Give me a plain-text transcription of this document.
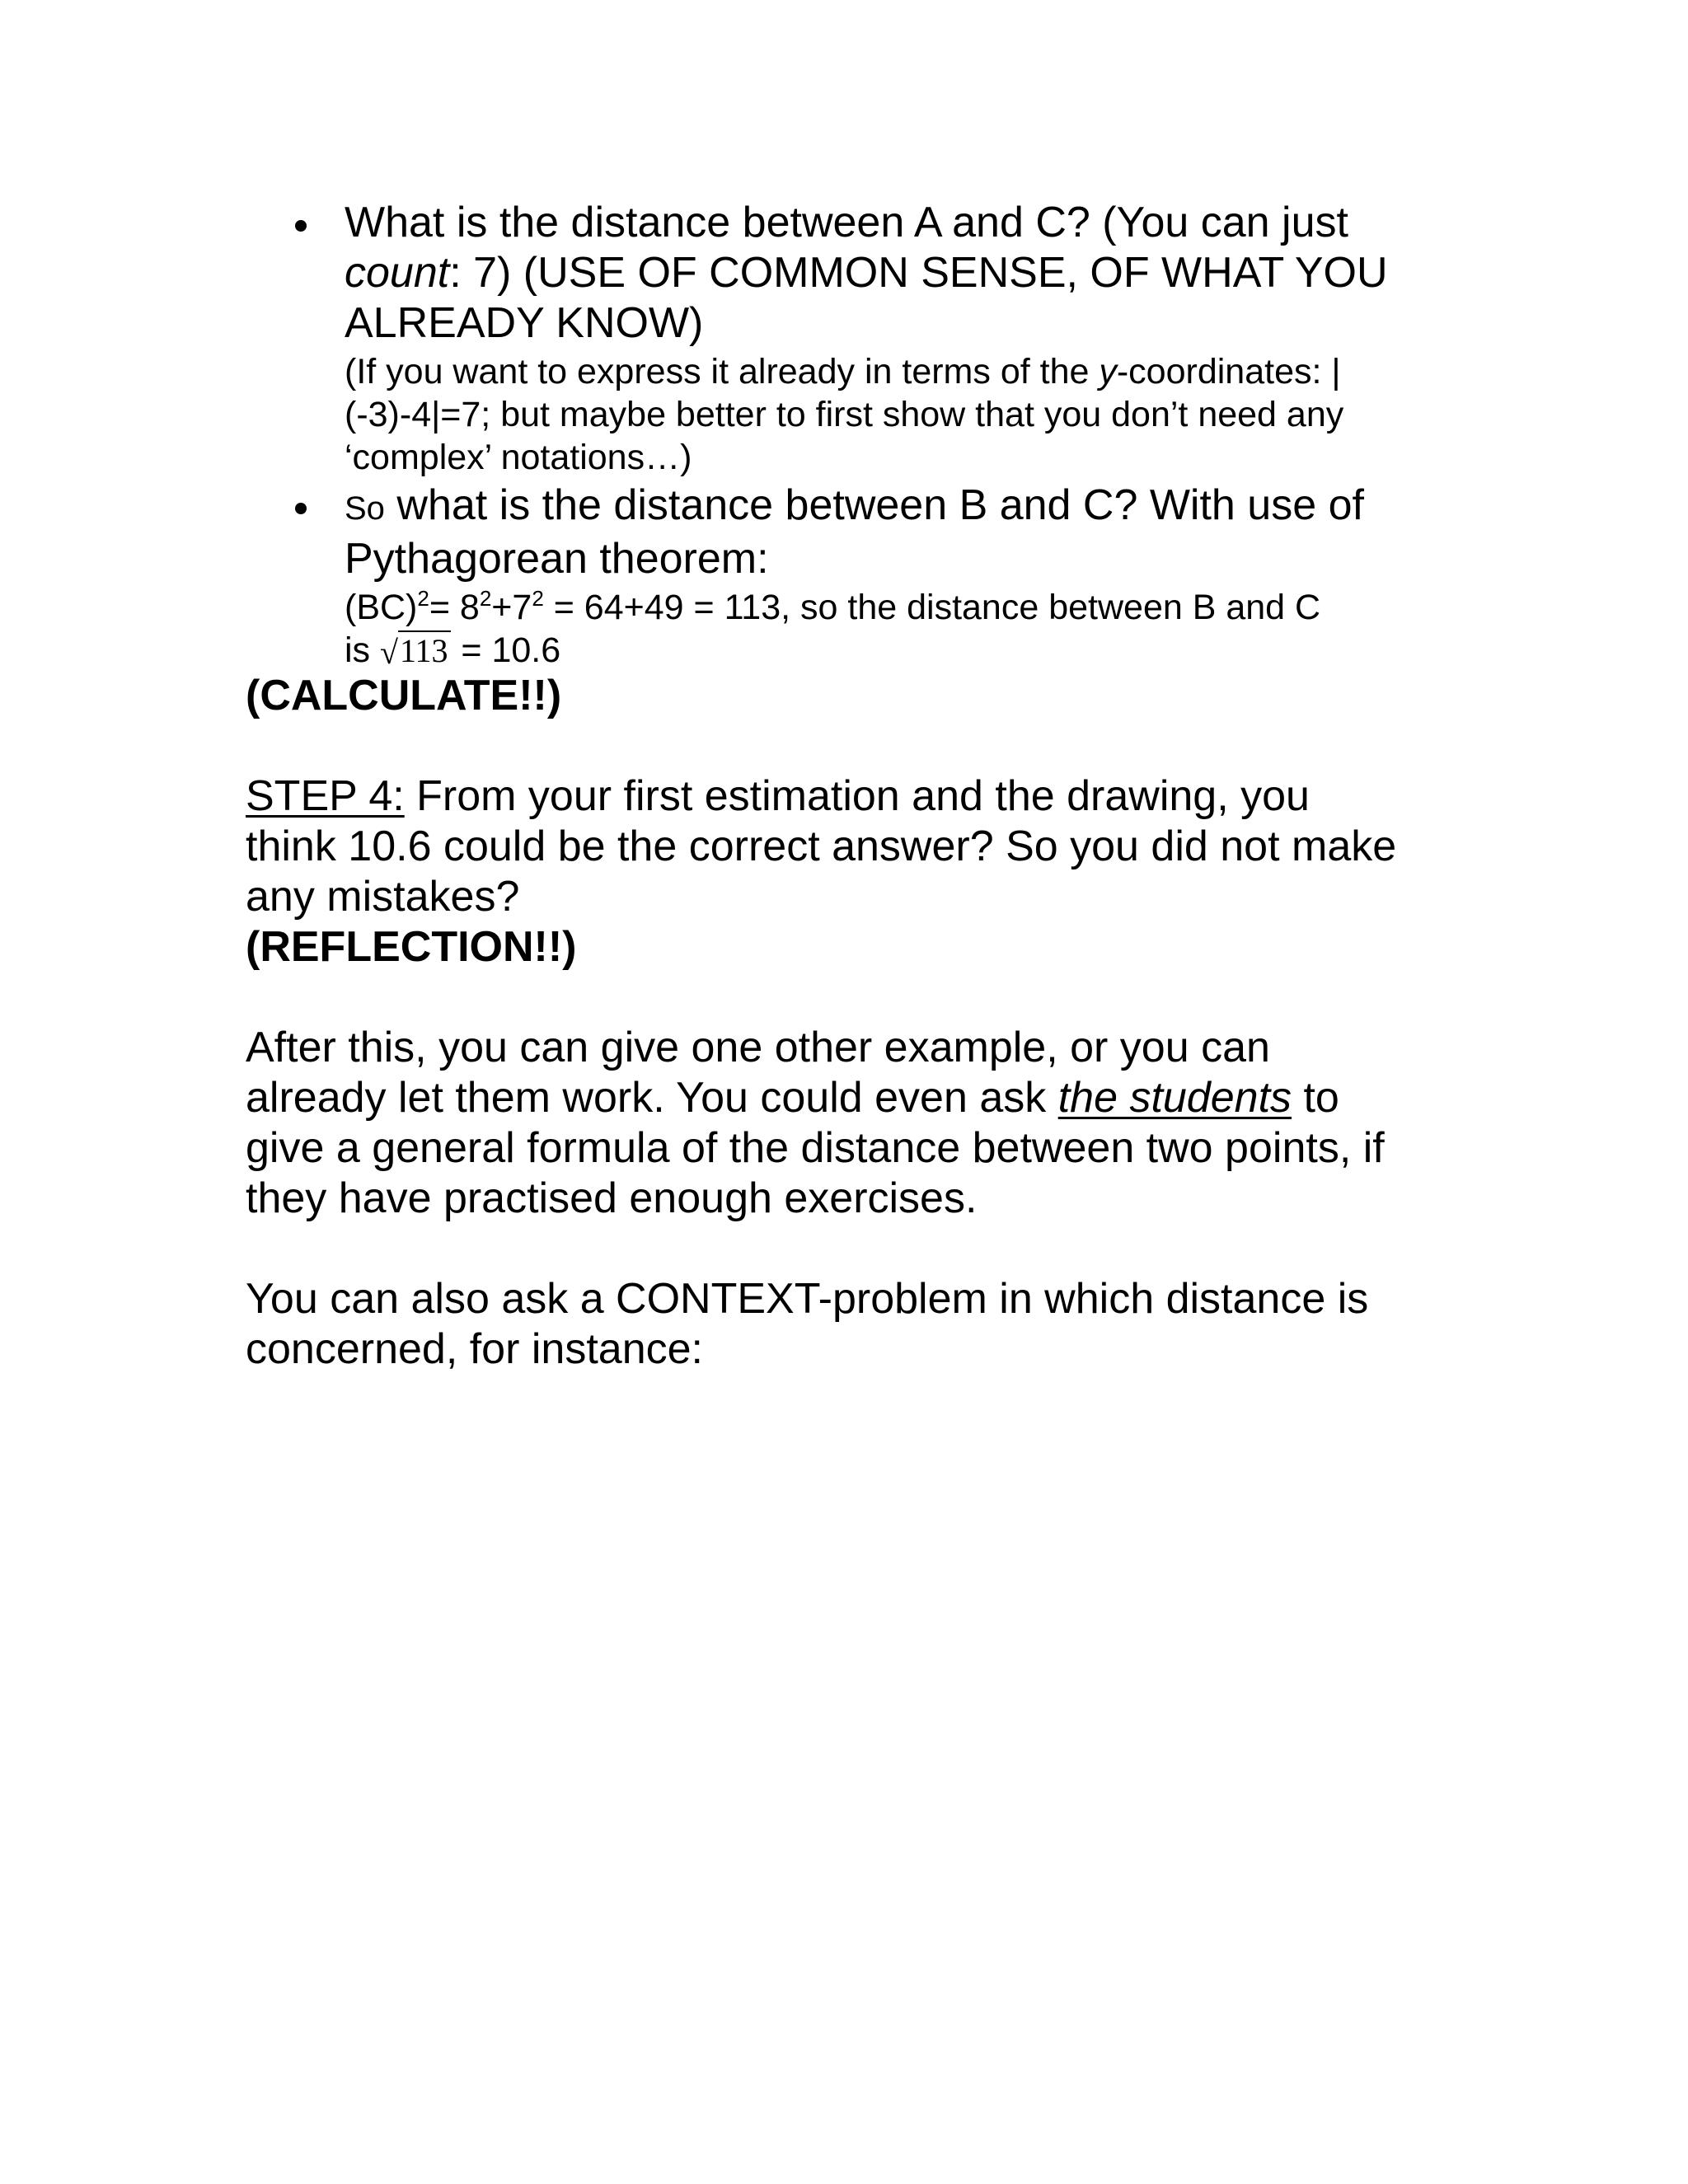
What is the distance between A and C? (You can just
count: 7) (USE OF COMMON SENSE, OF WHAT YOU
ALREADY KNOW)
(If you want to express it already in terms of the y-coordinates: |
(-3)-4|=7; but maybe better to first show that you don’t need any
‘complex’ notations…)
So what is the distance between B and C? With use of
Pythagorean theorem:
$(BC)^2= 8^2+7^2 = 64+49 = 113$, so the distance between B and C
is √113 = 10.6
(CALCULATE!!)
STEP 4: From your first estimation and the drawing, you
think 10.6 could be the correct answer? So you did not make
any mistakes?
(REFLECTION!!)
After this, you can give one other example, or you can
already let them work. You could even ask the students to
give a general formula of the distance between two points, if
they have practised enough exercises.
You can also ask a CONTEXT-problem in which distance is
concerned, for instance:
